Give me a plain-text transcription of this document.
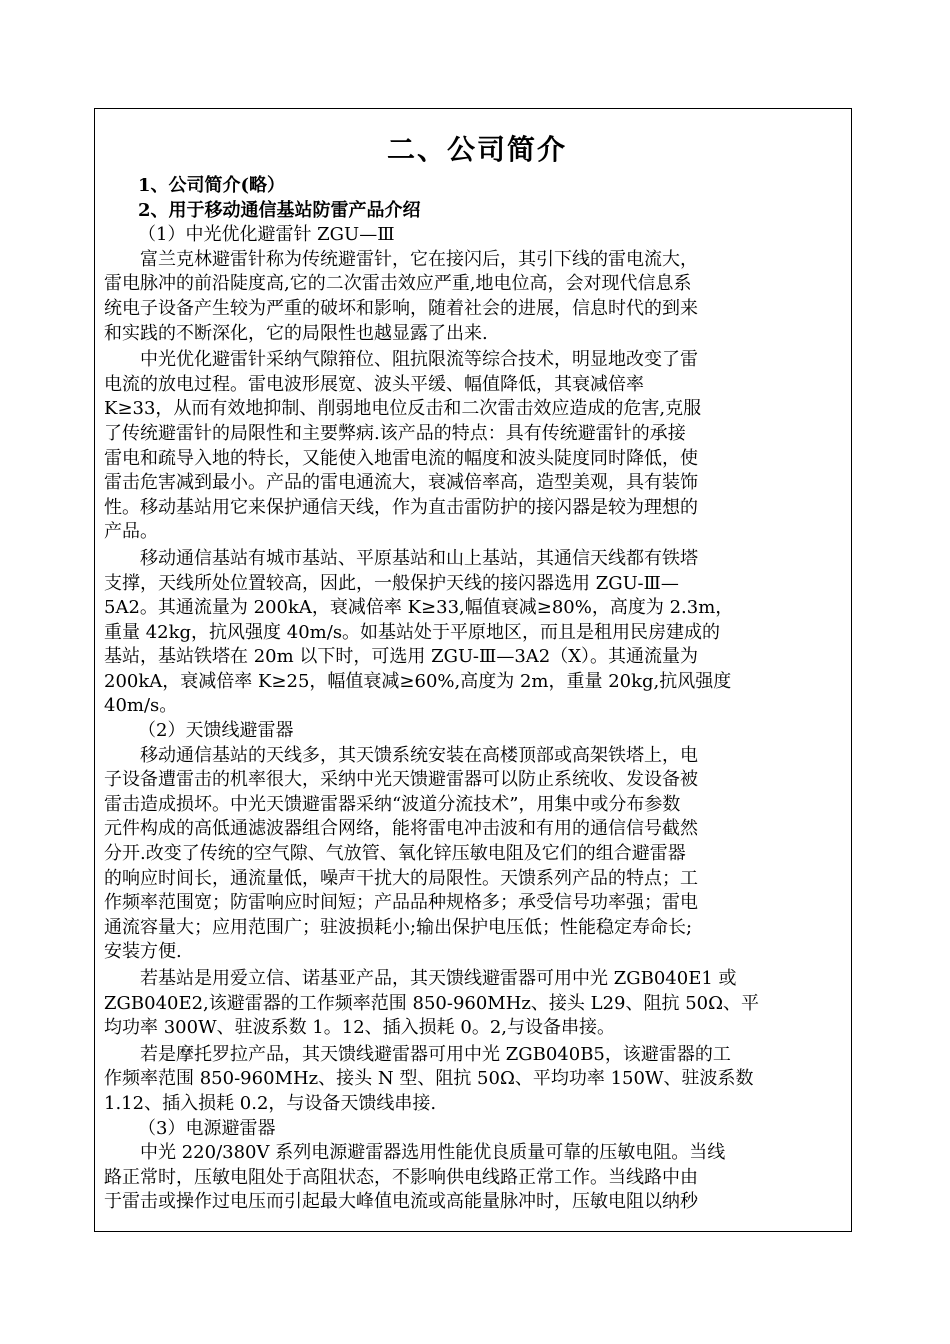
二、公司简介
1、公司简介(略）
2、用于移动通信基站防雷产品介绍
（1）中光优化避雷针 ZGU—Ⅲ
　　富兰克林避雷针称为传统避雷针，它在接闪后，其引下线的雷电流大，
雷电脉冲的前沿陡度高,它的二次雷击效应严重,地电位高，会对现代信息系
统电子设备产生较为严重的破坏和影响，随着社会的进展，信息时代的到来
和实践的不断深化，它的局限性也越显露了出来.
　　中光优化避雷针采纳气隙箝位、阻抗限流等综合技术，明显地改变了雷
电流的放电过程。雷电波形展宽、波头平缓、幅值降低，其衰减倍率
K≥33，从而有效地抑制、削弱地电位反击和二次雷击效应造成的危害,克服
了传统避雷针的局限性和主要弊病.该产品的特点：具有传统避雷针的承接
雷电和疏导入地的特长，又能使入地雷电流的幅度和波头陡度同时降低，使
雷击危害减到最小。产品的雷电通流大，衰减倍率高，造型美观，具有装饰
性。移动基站用它来保护通信天线，作为直击雷防护的接闪器是较为理想的
产品。
　　移动通信基站有城市基站、平原基站和山上基站，其通信天线都有铁塔
支撑，天线所处位置较高，因此，一般保护天线的接闪器选用 ZGU-Ⅲ—
5A2。其通流量为 200kA，衰减倍率 K≥33,幅值衰减≥80%，高度为 2.3m，
重量 42kg，抗风强度 40m/s。如基站处于平原地区，而且是租用民房建成的
基站，基站铁塔在 20m 以下时，可选用 ZGU-Ⅲ—3A2（X）。其通流量为
200kA，衰减倍率 K≥25，幅值衰减≥60%,高度为 2m，重量 20kg,抗风强度
40m/s。
（2）天馈线避雷器
　　移动通信基站的天线多，其天馈系统安装在高楼顶部或高架铁塔上，电
子设备遭雷击的机率很大，采纳中光天馈避雷器可以防止系统收、发设备被
雷击造成损坏。中光天馈避雷器采纳“波道分流技术”，用集中或分布参数
元件构成的高低通滤波器组合网络，能将雷电冲击波和有用的通信信号截然
分开.改变了传统的空气隙、气放管、氧化锌压敏电阻及它们的组合避雷器
的响应时间长，通流量低，噪声干扰大的局限性。天馈系列产品的特点；工
作频率范围宽；防雷响应时间短；产品品种规格多；承受信号功率强；雷电
通流容量大；应用范围广；驻波损耗小;输出保护电压低；性能稳定寿命长;
安装方便.
　　若基站是用爱立信、诺基亚产品，其天馈线避雷器可用中光 ZGB040E1 或
ZGB040E2,该避雷器的工作频率范围 850-960MHz、接头 L29、阻抗 50Ω、平
均功率 300W、驻波系数 1。12、插入损耗 0。2,与设备串接。
　　若是摩托罗拉产品，其天馈线避雷器可用中光 ZGB040B5，该避雷器的工
作频率范围 850-960MHz、接头 N 型、阻抗 50Ω、平均功率 150W、驻波系数
1.12、插入损耗 0.2，与设备天馈线串接.
（3）电源避雷器
　　中光 220/380V 系列电源避雷器选用性能优良质量可靠的压敏电阻。当线
路正常时，压敏电阻处于高阻状态，不影响供电线路正常工作。当线路中由
于雷击或操作过电压而引起最大峰值电流或高能量脉冲时，压敏电阻以纳秒
